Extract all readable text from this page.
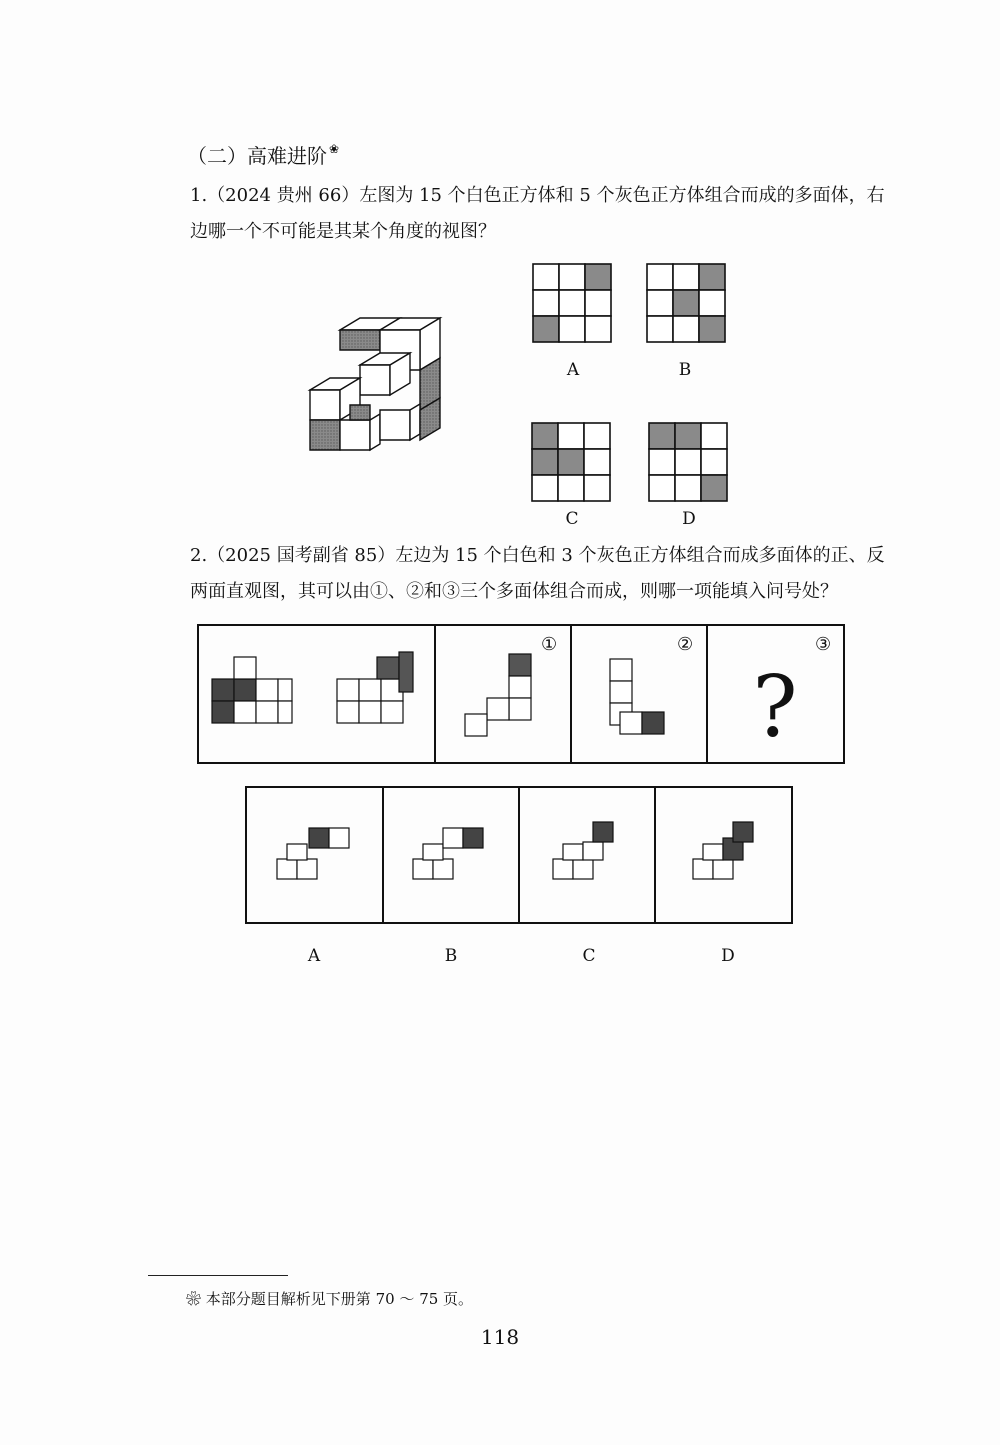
（二）高难进阶 ❀
1.（2024 贵州 66）左图为 15 个白色正方体和 5 个灰色正方体组合而成的多面体，右边哪一个不可能是其某个角度的视图？
A	B
C	D
2.（2025 国考副省 85）左边为 15 个白色和 3 个灰色正方体组合而成多面体的正、反两面直观图，其可以由①、②和③三个多面体组合而成，则哪一项能填入问号处？
?
①	②	③
A	B	C	D
❀ 本部分题目解析见下册第 70 ～ 75 页。
118
